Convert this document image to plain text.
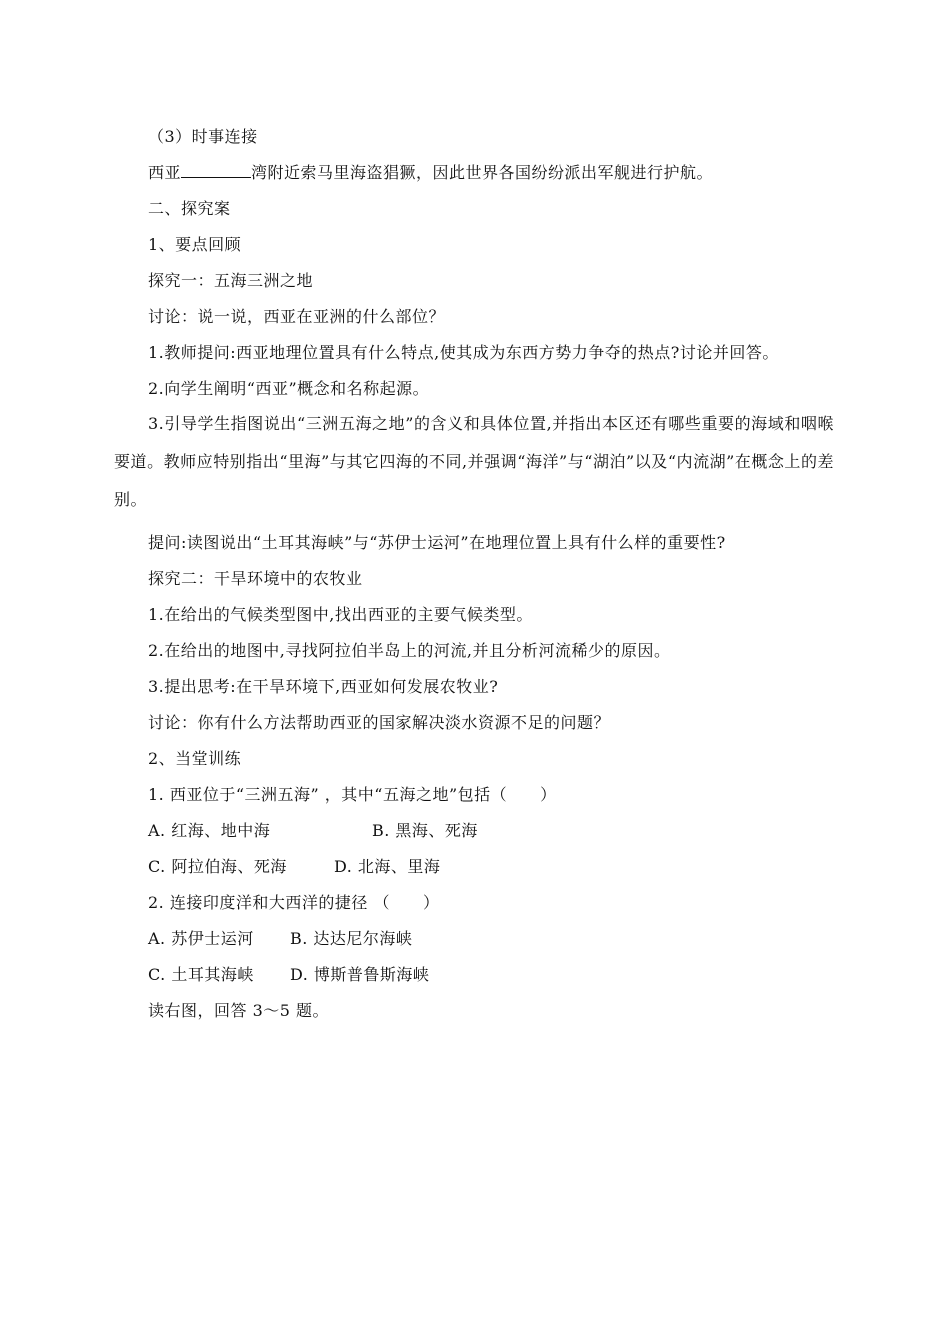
（3）时事连接
西亚	湾附近索马里海盗猖獗，因此世界各国纷纷派出军舰进行护航。
二、探究案
1、要点回顾
探究一：五海三洲之地
讨论：说一说，西亚在亚洲的什么部位？
1.教师提问:西亚地理位置具有什么特点,使其成为东西方势力争夺的热点?讨论并回答。
2.向学生阐明“西亚”概念和名称起源。
3.引导学生指图说出“三洲五海之地”的含义和具体位置,并指出本区还有哪些重要的海域和咽喉要道。教师应特别指出“里海”与其它四海的不同,并强调“海洋”与“湖泊”以及“内流湖”在概念上的差别。
提问:读图说出“土耳其海峡”与“苏伊士运河”在地理位置上具有什么样的重要性?
探究二：干旱环境中的农牧业
1.在给出的气候类型图中,找出西亚的主要气候类型。
2.在给出的地图中,寻找阿拉伯半岛上的河流,并且分析河流稀少的原因。
3.提出思考:在干旱环境下,西亚如何发展农牧业?
讨论：你有什么方法帮助西亚的国家解决淡水资源不足的问题？
2、当堂训练
1. 西亚位于“三洲五海” ，其中“五海之地”包括（　　）
A. 红海、地中海	B. 黑海、死海
C. 阿拉伯海、死海	D. 北海、里海
2. 连接印度洋和大西洋的捷径 （　　）
A. 苏伊士运河 B. 达达尼尔海峡
C. 土耳其海峡 D. 博斯普鲁斯海峡
读右图，回答 3～5 题。
